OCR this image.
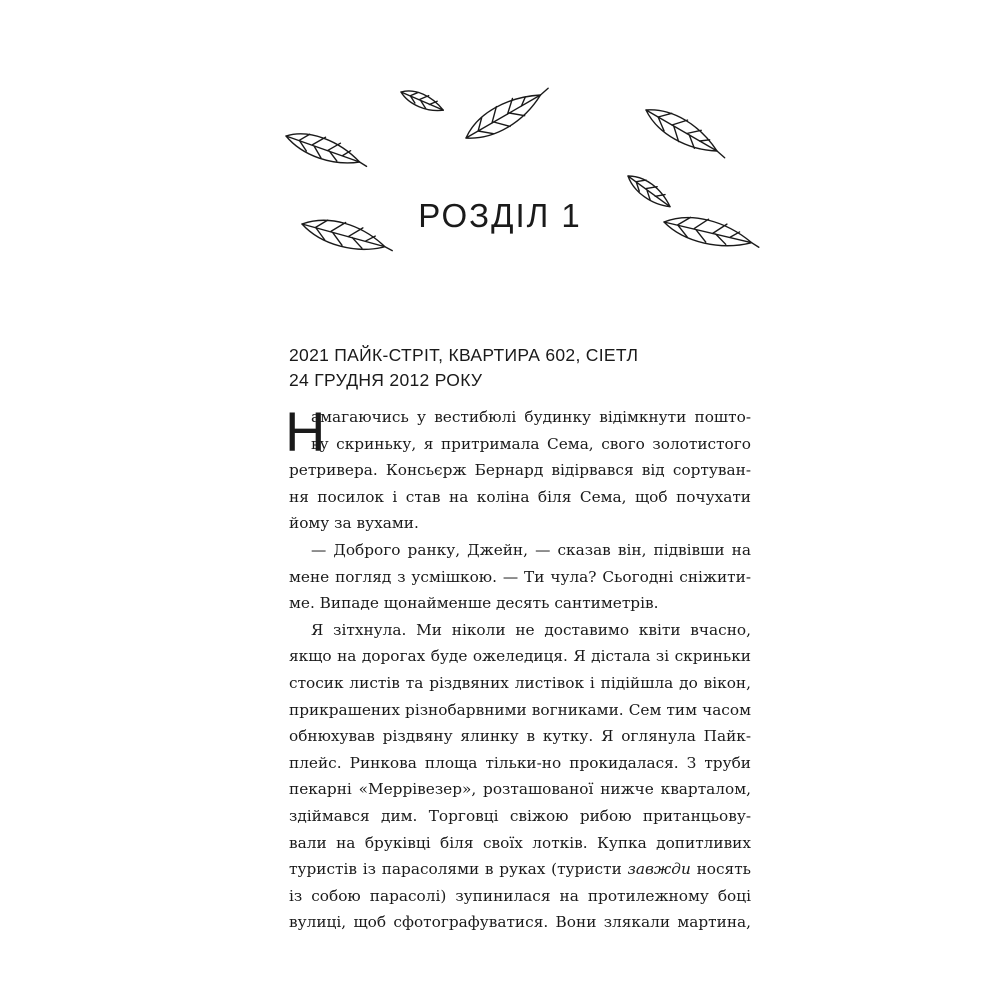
РОЗДІЛ 1
2021 ПАЙК-СТРІТ, КВАРТИРА 602, СІЕТЛ
24 ГРУДНЯ 2012 РОКУ
Н
амагаючись у вестибюлі будинку відімкнути пошто-
ву скриньку, я притримала Сема, свого золотистого
ретривера. Консьєрж Бернард відірвався від сортуван-
ня посилок і став на коліна біля Сема, щоб почухати
йому за вухами.
— Доброго ранку, Джейн, — сказав він, підвівши на
мене погляд з усмішкою. — Ти чула? Сьогодні сніжити-
ме. Випаде щонайменше десять сантиметрів.
Я зітхнула. Ми ніколи не доставимо квіти вчасно,
якщо на дорогах буде ожеледиця. Я дістала зі скриньки
стосик листів та різдвяних листівок і підійшла до вікон,
прикрашених різнобарвними вогниками. Сем тим часом
обнюхував різдвяну ялинку в кутку. Я оглянула Пайк-
плейс. Ринкова площа тільки-но прокидалася. З труби
пекарні «Меррівезер», розташованої нижче кварталом,
здіймався дим. Торговці свіжою рибою пританцьову-
вали на бруківці біля своїх лотків. Купка допитливих
туристів із парасолями в руках (туристи завжди носять
із собою парасолі) зупинилася на протилежному боці
вулиці, щоб сфотографуватися. Вони злякали мартина,
